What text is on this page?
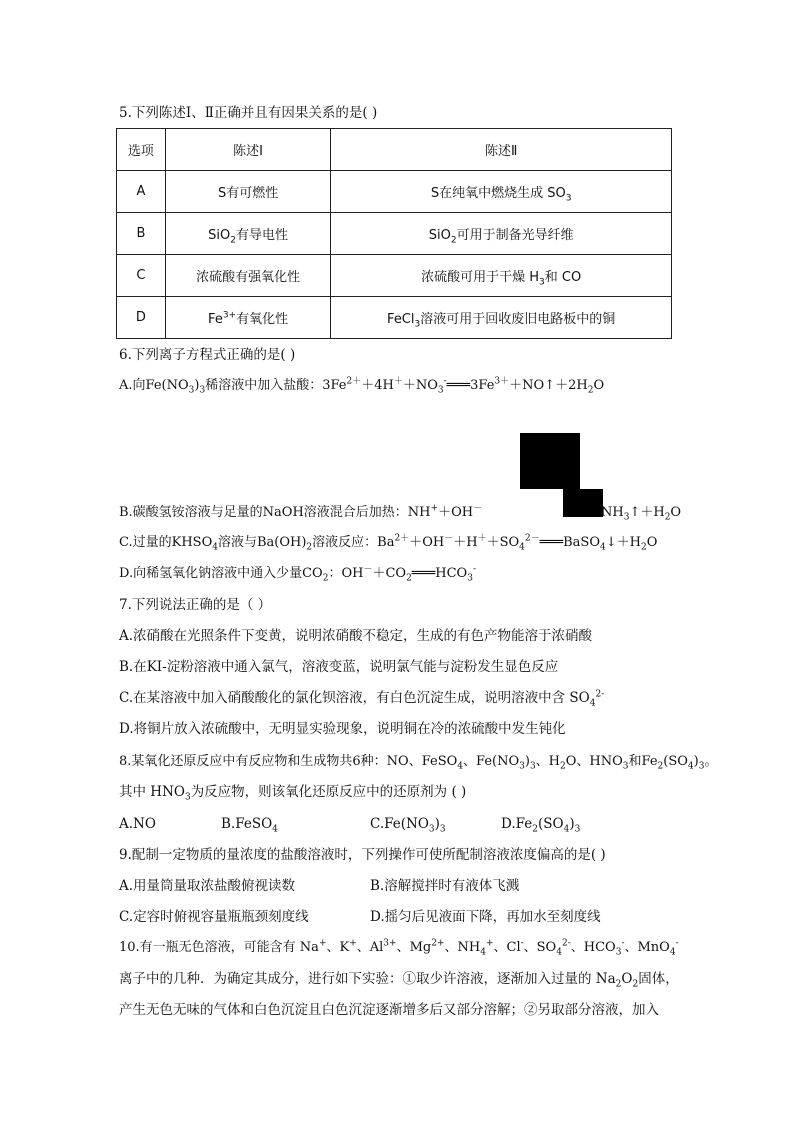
5.下列陈述Ⅰ、Ⅱ正确并且有因果关系的是( )
选项	陈述Ⅰ	陈述Ⅱ
A	S有可燃性	S在纯氧中燃烧生成 $SO_3$
B	SiO$_2$有导电性	SiO$_2$可用于制备光导纤维
C	浓硫酸有强氧化性	浓硫酸可用于干燥 $H_3$和 CO
D	$Fe^{3+}$有氧化性	FeCl$_3$溶液可用于回收废旧电路板中的铜
6.下列离子方程式正确的是( )
A.向$Fe(NO_3)_3$稀溶液中加入盐酸：$3Fe^{2+}+4H^++NO_3^-═══3Fe^{3+}+NO↑+2H_2O$
B.碳酸氢铵溶液与足量的NaOH溶液混合后加热：NH+＋OH－	$NH_3↑+H_2O$
C.过量的$KHSO_4$溶液与$Ba(OH)_2$溶液反应：$Ba^{2+}+OH^-+H^++SO_4^{2-}═══BaSO_4↓+H_2O$
D.向稀氢氧化钠溶液中通入少量$CO_2$：$OH^-+CO_2═══HCO_3^-$
7.下列说法正确的是（ ）
A.浓硝酸在光照条件下变黄，说明浓硝酸不稳定，生成的有色产物能溶于浓硝酸
B.在KI-淀粉溶液中通入氯气，溶液变蓝，说明氯气能与淀粉发生显色反应
C.在某溶液中加入硝酸酸化的氯化钡溶液，有白色沉淀生成，说明溶液中含 $SO_4^{2-}$
D.将铜片放入浓硫酸中，无明显实验现象，说明铜在冷的浓硫酸中发生钝化
8.某氧化还原反应中有反应物和生成物共6种：NO、FeSO$_4$、$Fe(NO_3)_3$、$H_2O$、$HNO_3$和$Fe_2(SO_4)_3$。
其中 $HNO_3$为反应物，则该氧化还原反应中的还原剂为 ( )
A.NO	B.FeSO$_4$	$C.Fe(NO_3)_3$	$D.Fe_2(SO_4)_3$
9.配制一定物质的量浓度的盐酸溶液时，下列操作可使所配制溶液浓度偏高的是( )
A.用量筒量取浓盐酸俯视读数	B.溶解搅拌时有液体飞溅
C.定容时俯视容量瓶瓶颈刻度线	D.摇匀后见液面下降，再加水至刻度线
10.有一瓶无色溶液，可能含有 Na+、K+、$Al^{3+}$、$Mg^{2+}$、$NH_4^+$、Cl-、$SO_4^{2-}$、$HCO_3^-$、MnO$_4$-
离子中的几种．为确定其成分，进行如下实验：①取少许溶液，逐渐加入过量的 $Na_2O_2$固体，
产生无色无味的气体和白色沉淀且白色沉淀逐渐增多后又部分溶解；②另取部分溶液，加入
